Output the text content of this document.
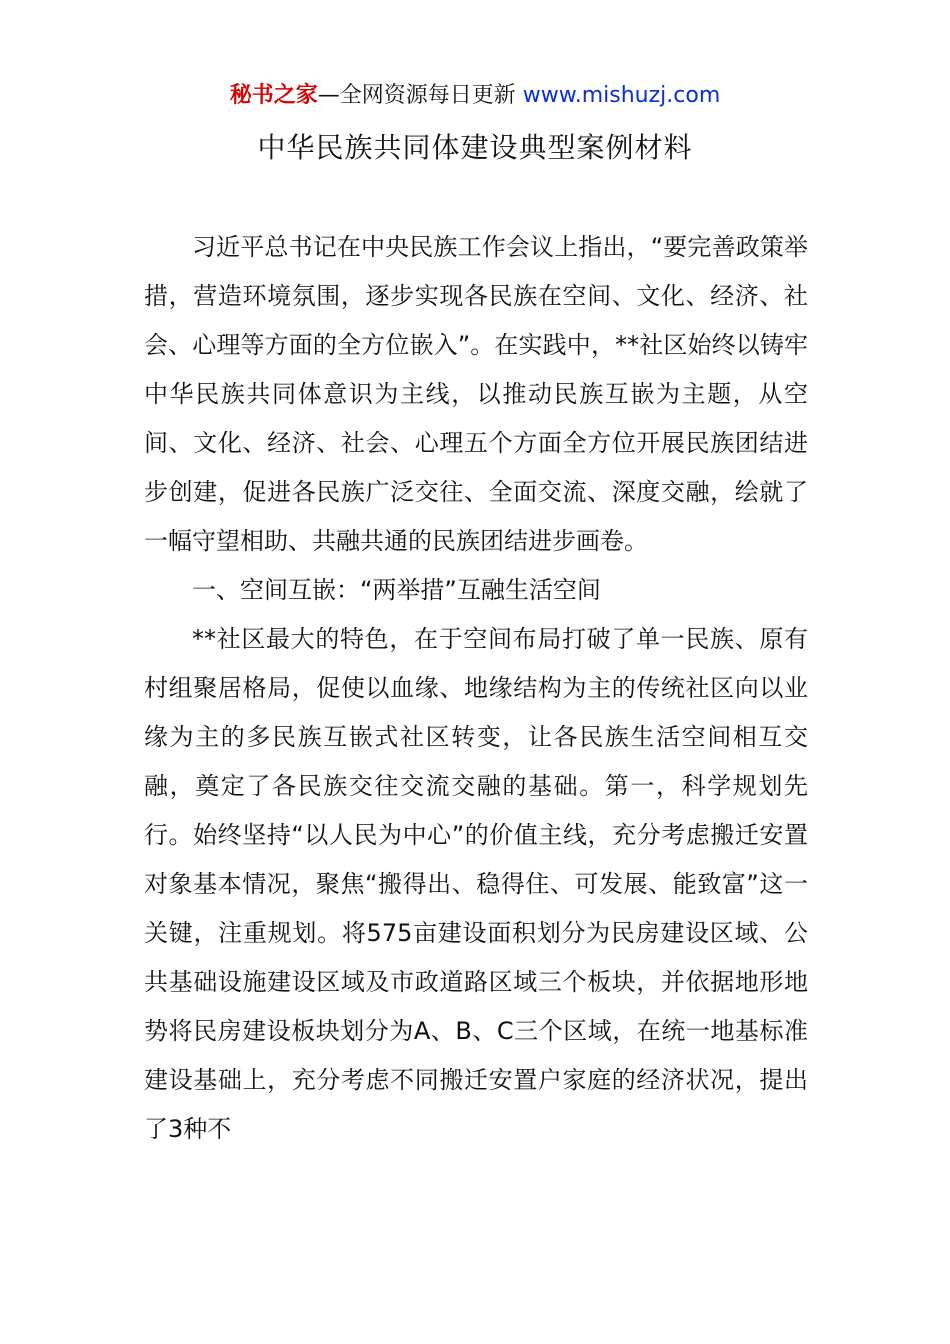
秘书之家—全网资源每日更新 www.mishuzj.com
中华民族共同体建设典型案例材料

习近平总书记在中央民族工作会议上指出，“要完善政策举措，营造环境氛围，逐步实现各民族在空间、文化、经济、社会、心理等方面的全方位嵌入”。在实践中，**社区始终以铸牢中华民族共同体意识为主线，以推动民族互嵌为主题，从空间、文化、经济、社会、心理五个方面全方位开展民族团结进步创建，促进各民族广泛交往、全面交流、深度交融，绘就了一幅守望相助、共融共通的民族团结进步画卷。

一、空间互嵌：“两举措”互融生活空间

**社区最大的特色，在于空间布局打破了单一民族、原有村组聚居格局，促使以血缘、地缘结构为主的传统社区向以业缘为主的多民族互嵌式社区转变，让各民族生活空间相互交融，奠定了各民族交往交流交融的基础。第一，科学规划先行。始终坚持“以人民为中心”的价值主线，充分考虑搬迁安置对象基本情况，聚焦“搬得出、稳得住、可发展、能致富”这一关键，注重规划。将575亩建设面积划分为民房建设区域、公共基础设施建设区域及市政道路区域三个板块，并依据地形地势将民房建设板块划分为A、B、C三个区域，在统一地基标准建设基础上，充分考虑不同搬迁安置户家庭的经济状况，提出了3种不
